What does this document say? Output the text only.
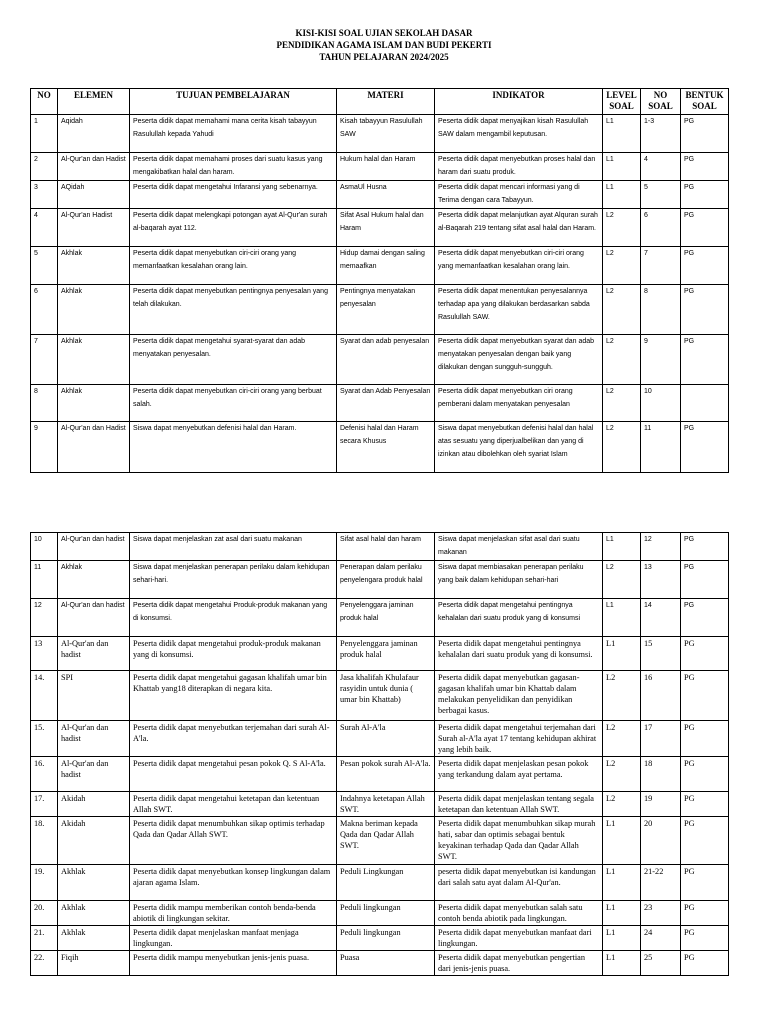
KISI-KISI SOAL UJIAN SEKOLAH DASAR
PENDIDIKAN AGAMA ISLAM DAN BUDI PEKERTI
TAHUN PELAJARAN 2024/2025
NO	ELEMEN	TUJUAN PEMBELAJARAN	MATERI	INDIKATOR	LEVEL SOAL	NO SOAL	BENTUK SOAL
1	Aqidah	Peserta didik dapat memahami mana cerita kisah tabayyun Rasulullah kepada Yahudi	Kisah tabayyun Rasulullah SAW	Peserta didik dapat menyajikan kisah Rasulullah SAW dalam mengambil keputusan.	L1	1-3	PG
2	Al-Qur'an dan Hadist	Peserta didik dapat memahami proses dari suatu kasus yang mengakibatkan halal dan haram.	Hukum halal dan Haram	Peserta didik dapat menyebutkan proses halal dan haram dari suatu produk.	L1	4	PG
3	AQidah	Peserta didik dapat mengetahui Infaransi yang sebenarnya.	AsmaUl Husna	Peserta didik dapat mencari informasi yang di Terima dengan cara Tabayyun.	L1	5	PG
4	Al-Qur'an Hadist	Peserta didik dapat melengkapi potongan ayat Al-Qur'an surah al-baqarah ayat 112.	Sifat Asal Hukum halal dan Haram	Peserta didik dapat melanjutkan ayat Alquran surah al-Baqarah 219 tentang sifat asal halal dan Haram.	L2	6	PG
5	Akhlak	Peserta didik dapat menyebutkan ciri-ciri orang yang memanfaatkan kesalahan orang lain.	Hidup damai dengan saling memaafkan	Peserta didik dapat menyebutkan ciri-ciri orang yang memanfaatkan kesalahan orang lain.	L2	7	PG
6	Akhlak	Peserta didik dapat menyebutkan pentingnya penyesalan yang telah dilakukan.	Pentingnya menyatakan penyesalan	Peserta didik dapat menentukan penyesalannya terhadap apa yang dilakukan berdasarkan sabda Rasulullah SAW.	L2	8	PG
7	Akhlak	Peserta didik dapat mengetahui syarat-syarat dan adab menyatakan penyesalan.	Syarat dan adab penyesalan	Peserta didik dapat menyebutkan syarat dan adab menyatakan penyesalan dengan baik yang dilakukan dengan sungguh-sungguh.	L2	9	PG
8	Akhlak	Peserta didik dapat menyebutkan ciri-ciri orang yang berbuat salah.	Syarat dan Adab Penyesalan	Peserta didik dapat menyebutkan ciri orang pemberani dalam menyatakan penyesalan	L2	10	
9	Al-Qur'an dan Hadist	Siswa dapat menyebutkan defenisi halal dan Haram.	Defenisi halal dan Haram secara Khusus	Siswa dapat menyebutkan defenisi halal dan halal atas sesuatu yang diperjualbelikan dan yang di izinkan atau dibolehkan oleh syariat Islam	L2	11	PG
10	Al-Qur'an dan hadist	Siswa dapat menjelaskan zat asal dari suatu makanan	Sifat asal halal dan haram	Siswa dapat menjelaskan sifat asal dari suatu makanan	L1	12	PG
11	Akhlak	Siswa dapat menjelaskan penerapan perilaku dalam kehidupan sehari-hari.	Penerapan dalam perilaku penyelengara produk halal	Siswa dapat membiasakan penerapan perilaku yang baik dalam kehidupan sehari-hari	L2	13	PG
12	Al-Qur'an dan hadist	Peserta didik dapat mengetahui Produk-produk makanan yang di konsumsi.	Penyelenggara jaminan produk halal	Peserta didik dapat mengetahui pentingnya kehalalan dari suatu produk yang di konsumsi	L1	14	PG
13	Al-Qur'an dan hadist	Peserta didik dapat mengetahui produk-produk makanan yang di konsumsi.	Penyelenggara jaminan produk halal	Peserta didik dapat mengetahui pentingnya kehalalan dari suatu produk yang di konsumsi.	L1	15	PG
14.	SPI	Peserta didik dapat mengetahui gagasan khalifah umar bin Khattab yang18 diterapkan di negara kita.	Jasa khalifah Khulafaur rasyidin untuk dunia ( umar bin Khattab)	Peserta didik dapat menyebutkan gagasan-gagasan khalifah umar bin Khattab dalam melakukan penyelidikan dan penyidikan berbagai kasus.	L2	16	PG
15.	Al-Qur'an dan hadist	Peserta didik dapat menyebutkan terjemahan dari surah Al-A'la.	Surah Al-A'la	Peserta didik dapat mengetahui terjemahan dari Surah al-A'la ayat 17 tentang kehidupan akhirat yang lebih baik.	L2	17	PG
16.	Al-Qur'an dan hadist	Peserta didik dapat mengetahui pesan pokok Q. S Al-A'la.	Pesan pokok surah Al-A'la.	Peserta didik dapat menjelaskan pesan pokok yang terkandung dalam ayat pertama.	L2	18	PG
17.	Akidah	Peserta didik dapat mengetahui ketetapan dan ketentuan Allah SWT.	Indahnya ketetapan Allah SWT.	Peserta didik dapat menjelaskan tentang segala ketetapan dan ketentuan Allah SWT.	L2	19	PG
18.	Akidah	Peserta didik dapat menumbuhkan sikap optimis terhadap Qada dan Qadar Allah SWT.	Makna beriman kepada Qada dan Qadar Allah SWT.	Peserta didik dapat menumbuhkan sikap murah hati, sabar dan optimis sebagai bentuk keyakinan terhadap Qada dan Qadar Allah SWT.	L1	20	PG
19.	Akhlak	Peserta didik dapat menyebutkan konsep lingkungan dalam ajaran agama Islam.	Peduli Lingkungan	peserta didik dapat menyebutkan isi kandungan dari salah satu ayat dalam Al-Qur'an.	L1	21-22	PG
20.	Akhlak	Peserta didik mampu memberikan contoh benda-benda abiotik di lingkungan sekitar.	Peduli lingkungan	Peserta didik dapat menyebutkan salah satu contoh benda abiotik pada lingkungan.	L1	23	PG
21.	Akhlak	Peserta didik dapat menjelaskan manfaat menjaga lingkungan.	Peduli lingkungan	Peserta didik dapat menyebutkan manfaat dari lingkungan.	L1	24	PG
22.	Fiqih	Peserta didik mampu menyebutkan jenis-jenis puasa.	Puasa	Peserta didik dapat menyebutkan pengertian dari jenis-jenis puasa.	L1	25	PG
